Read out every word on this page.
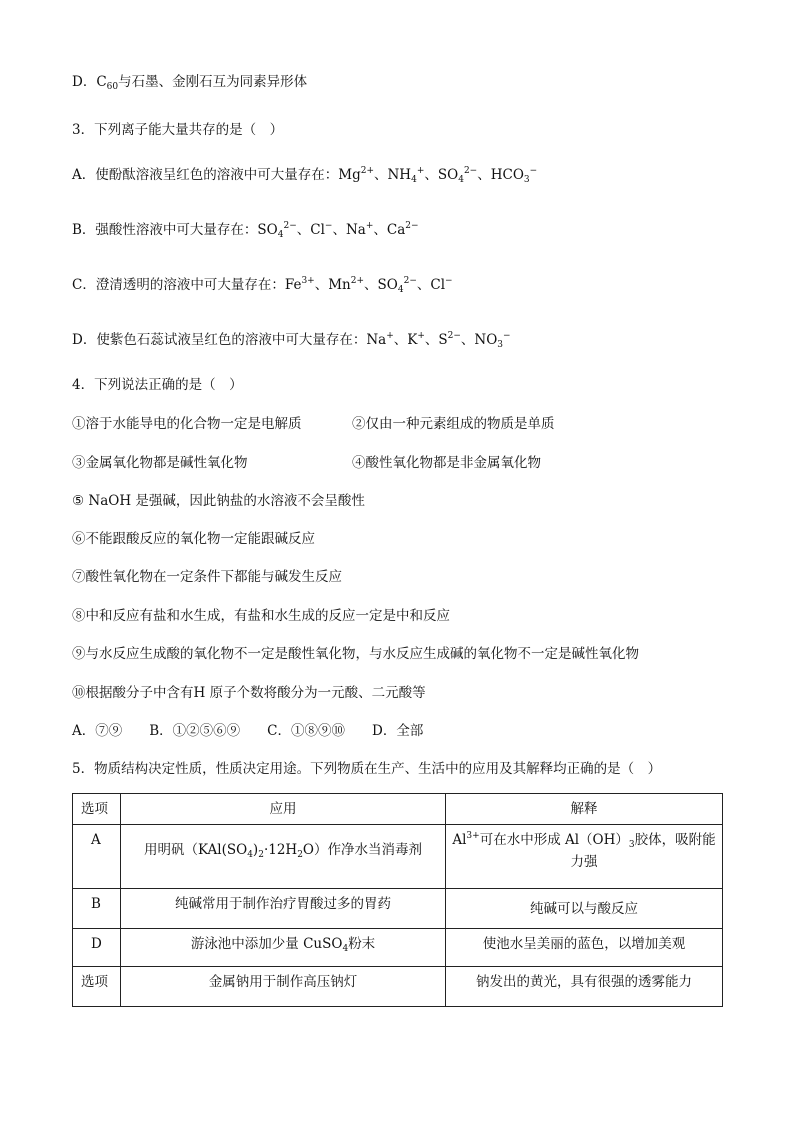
D．$C_{60}$与石墨、金刚石互为同素异形体
3．下列离子能大量共存的是（　）
A．使酚酞溶液呈红色的溶液中可大量存在：$Mg^{2+}$、$NH_4^+$、$SO_4^{2-}$、$HCO_3^-$
B．强酸性溶液中可大量存在：$SO_4^{2-}$、Cl−、Na+、$Ca^{2-}$
C．澄清透明的溶液中可大量存在：$Fe^{3+}$、$Mn^{2+}$、$SO_4^{2-}$、Cl−
D．使紫色石蕊试液呈红色的溶液中可大量存在：Na+、K+、$S^{2-}$、$NO_3^-$
4．下列说法正确的是（　）
①溶于水能导电的化合物一定是电解质	②仅由一种元素组成的物质是单质
③金属氧化物都是碱性氧化物	④酸性氧化物都是非金属氧化物
⑤ NaOH 是强碱，因此钠盐的水溶液不会呈酸性
⑥不能跟酸反应的氧化物一定能跟碱反应
⑦酸性氧化物在一定条件下都能与碱发生反应
⑧中和反应有盐和水生成，有盐和水生成的反应一定是中和反应
⑨与水反应生成酸的氧化物不一定是酸性氧化物，与水反应生成碱的氧化物不一定是碱性氧化物
⑩根据酸分子中含有H 原子个数将酸分为一元酸、二元酸等
A．⑦⑨　　B．①②⑤⑥⑨　　C．①⑧⑨⑩　　D．全部
5．物质结构决定性质，性质决定用途。下列物质在生产、生活中的应用及其解释均正确的是（　）
选项	应用	解释
A	用明矾$(KAl(SO_4)_2\cdot 12H_2O)$作净水当消毒剂	$Al^{3+}$可在水中形成 $Al(OH)_3$胶体，吸附能力强
B	纯碱常用于制作治疗胃酸过多的胃药	纯碱可以与酸反应
D	游泳池中添加少量 CuSO$_4$粉末	使池水呈美丽的蓝色，以增加美观
选项	金属钠用于制作高压钠灯	钠发出的黄光，具有很强的透雾能力
